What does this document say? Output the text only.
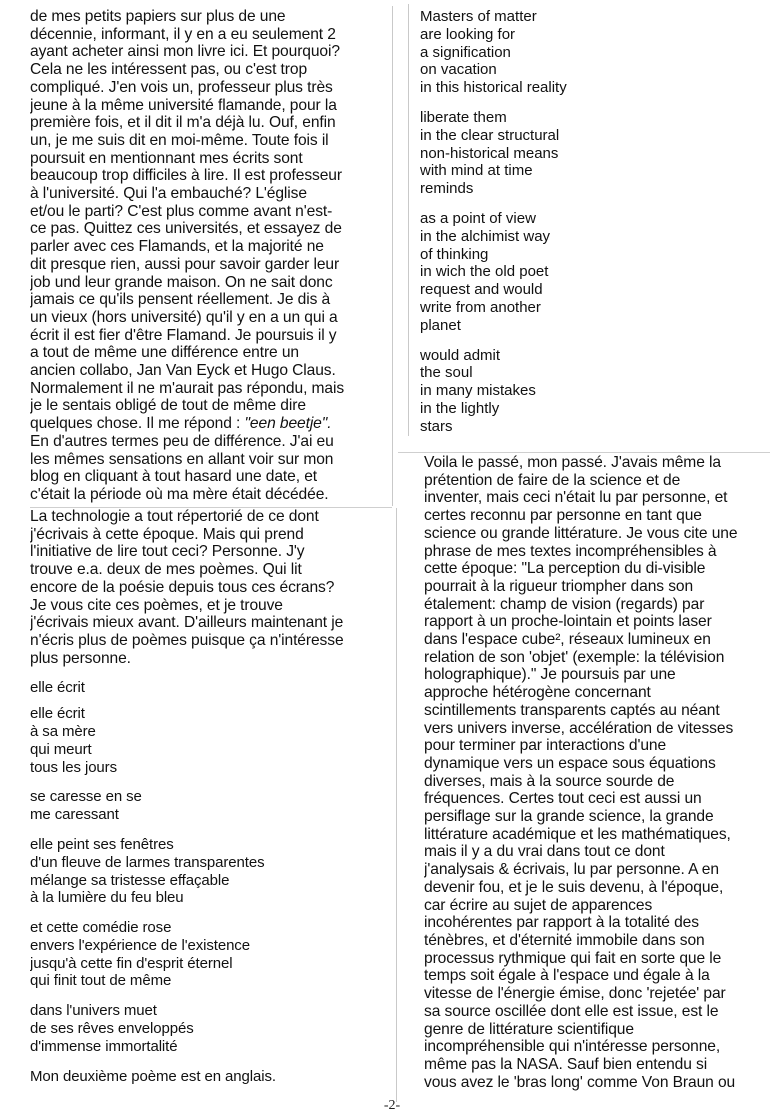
de mes petits papiers sur plus de une
décennie, informant, il y en a eu seulement 2
ayant acheter ainsi mon livre ici. Et pourquoi?
Cela ne les intéressent pas, ou c'est trop
compliqué. J'en vois un, professeur plus très
jeune à la même université flamande, pour la
première fois, et il dit il m'a déjà lu. Ouf, enfin
un, je me suis dit en moi-même. Toute fois il
poursuit en mentionnant mes écrits sont
beaucoup trop difficiles à lire. Il est professeur
à l'université. Qui l'a embauché? L'église
et/ou le parti? C'est plus comme avant n'est-
ce pas. Quittez ces universités, et essayez de
parler avec ces Flamands, et la majorité ne
dit presque rien, aussi pour savoir garder leur
job und leur grande maison. On ne sait donc
jamais ce qu'ils pensent réellement. Je dis à
un vieux (hors université) qu'il y en a un qui a
écrit il est fier d'être Flamand. Je poursuis il y
a tout de même une différence entre un
ancien collabo, Jan Van Eyck et Hugo Claus.
Normalement il ne m'aurait pas répondu, mais
je le sentais obligé de tout de même dire
quelques chose. Il me répond : "een beetje".
En d'autres termes peu de différence. J'ai eu
les mêmes sensations en allant voir sur mon
blog en cliquant à tout hasard une date, et
c'était la période où ma mère était décédée.
La technologie a tout répertorié de ce dont
j'écrivais à cette époque. Mais qui prend
l'initiative de lire tout ceci? Personne. J'y
trouve e.a. deux de mes poèmes. Qui lit
encore de la poésie depuis tous ces écrans?
Je vous cite ces poèmes, et je trouve
j'écrivais mieux avant. D'ailleurs maintenant je
n'écris plus de poèmes puisque ça n'intéresse
plus personne.
elle écrit
elle écrit
à sa mère
qui meurt
tous les jours
se caresse en se
me caressant
elle peint ses fenêtres
d'un fleuve de larmes transparentes
mélange sa tristesse effaçable
à la lumière du feu bleu
et cette comédie rose
envers l'expérience de l'existence
jusqu'à cette fin d'esprit éternel
qui finit tout de même
dans l'univers muet
de ses rêves enveloppés
d'immense immortalité
Mon deuxième poème est en anglais.
Masters of matter
are looking for
a signification
on vacation
in this historical reality
liberate them
in the clear structural
non-historical means
with mind at time
reminds
as a point of view
in the alchimist way
of thinking
in wich the old poet
request and would
write from another
planet
would admit
the soul
in many mistakes
in the lightly
stars
Voila le passé, mon passé. J'avais même la
prétention de faire de la science et de
inventer, mais ceci n'était lu par personne, et
certes reconnu par personne en tant que
science ou grande littérature. Je vous cite une
phrase de mes textes incompréhensibles à
cette époque: "La perception du di-visible
pourrait à la rigueur triompher dans son
étalement: champ de vision (regards) par
rapport à un proche-lointain et points laser
dans l'espace cube², réseaux lumineux en
relation de son 'objet' (exemple: la télévision
holographique)." Je poursuis par une
approche hétérogène concernant
scintillements transparents captés au néant
vers univers inverse, accélération de vitesses
pour terminer par interactions d'une
dynamique vers un espace sous équations
diverses, mais à la source sourde de
fréquences. Certes tout ceci est aussi un
persiflage sur la grande science, la grande
littérature académique et les mathématiques,
mais il y a du vrai dans tout ce dont
j'analysais & écrivais, lu par personne. A en
devenir fou, et je le suis devenu, à l'époque,
car écrire au sujet de apparences
incohérentes par rapport à la totalité des
ténèbres, et d'éternité immobile dans son
processus rythmique qui fait en sorte que le
temps soit égale à l'espace und égale à la
vitesse de l'énergie émise, donc 'rejetée' par
sa source oscillée dont elle est issue, est le
genre de littérature scientifique
incompréhensible qui n'intéresse personne,
même pas la NASA. Sauf bien entendu si
vous avez le 'bras long' comme Von Braun ou
-2-
